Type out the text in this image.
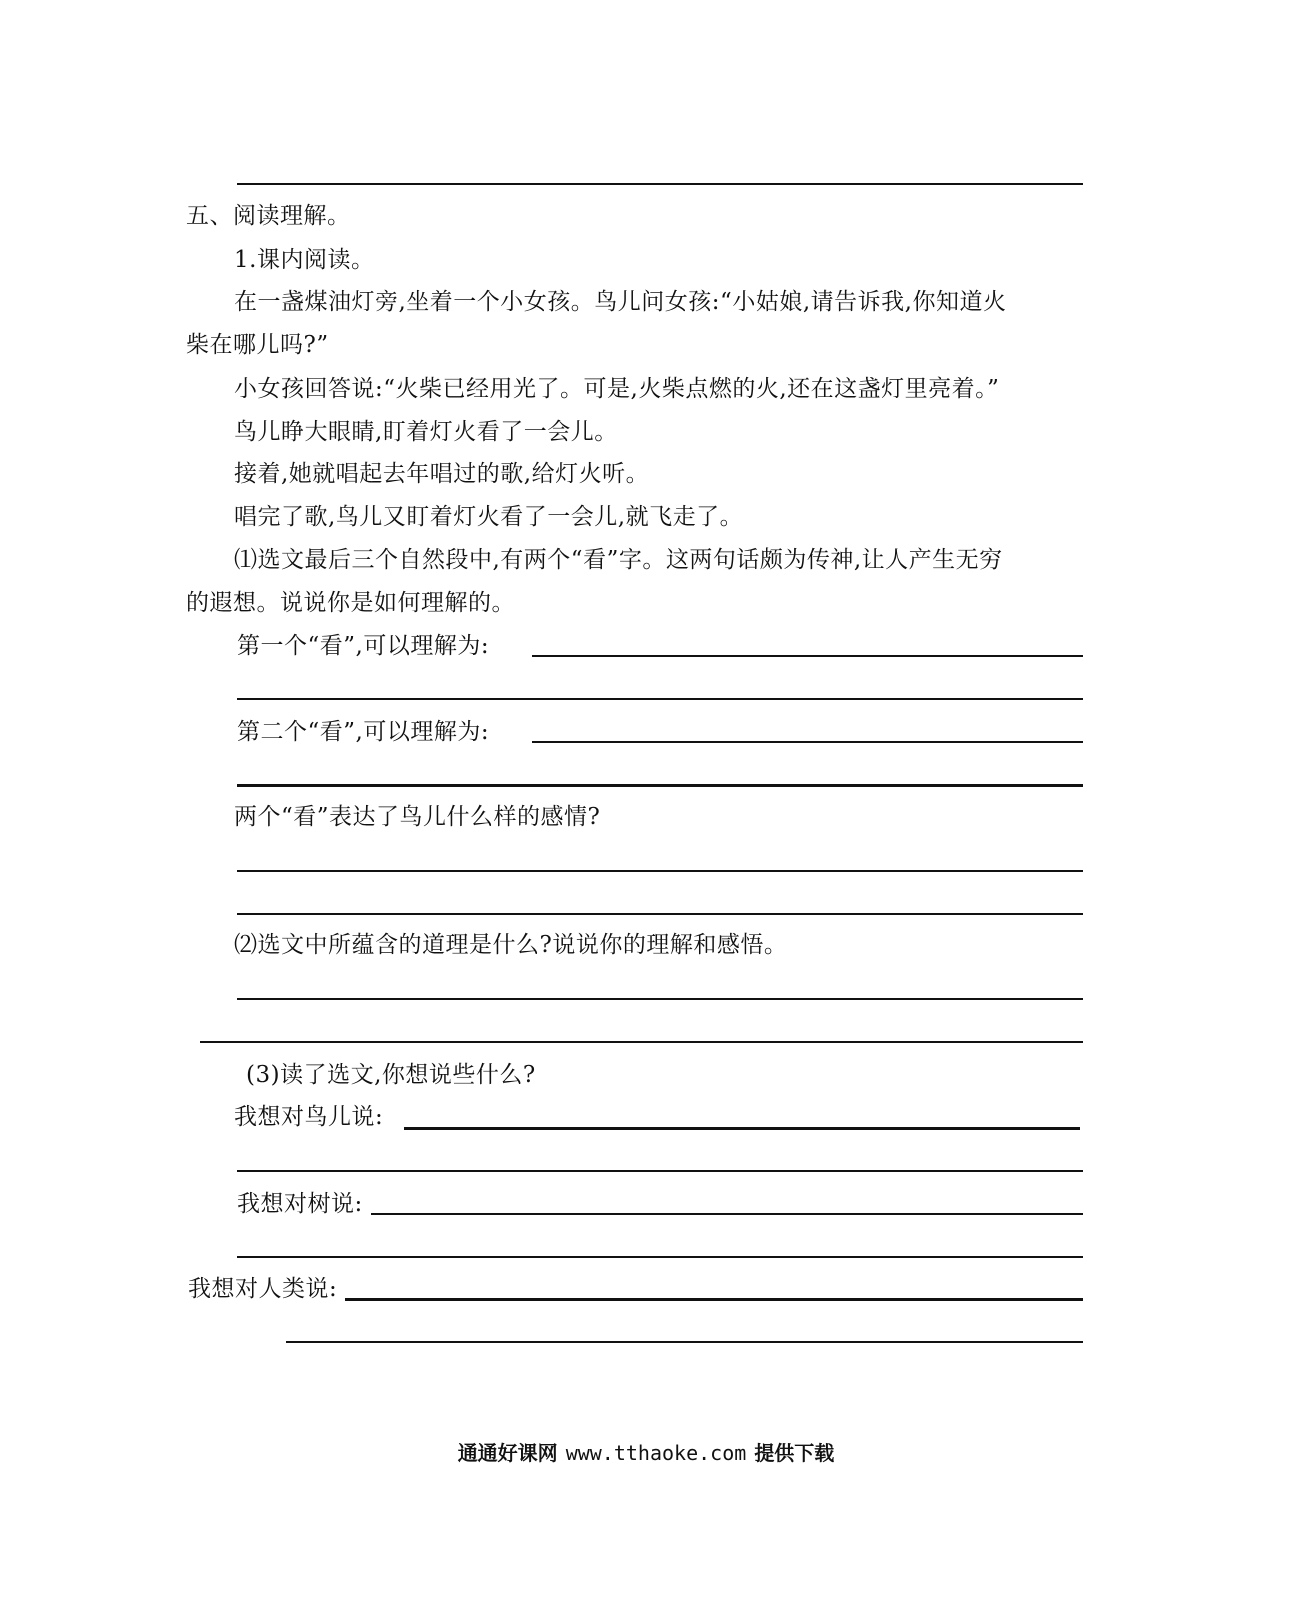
五、阅读理解。
1.课内阅读。
在一盏煤油灯旁,坐着一个小女孩。鸟儿问女孩:“小姑娘,请告诉我,你知道火
柴在哪儿吗?”
小女孩回答说:“火柴已经用光了。可是,火柴点燃的火,还在这盏灯里亮着。”
鸟儿睁大眼睛,盯着灯火看了一会儿。
接着,她就唱起去年唱过的歌,给灯火听。
唱完了歌,鸟儿又盯着灯火看了一会儿,就飞走了。
⑴选文最后三个自然段中,有两个“看”字。这两句话颇为传神,让人产生无穷
的遐想。说说你是如何理解的。
第一个“看”,可以理解为:
第二个“看”,可以理解为:
两个“看”表达了鸟儿什么样的感情?
⑵选文中所蕴含的道理是什么?说说你的理解和感悟。
(3)读了选文,你想说些什么?
我想对鸟儿说:
我想对树说:
我想对人类说:
通通好课网 www.tthaoke.com 提供下载
